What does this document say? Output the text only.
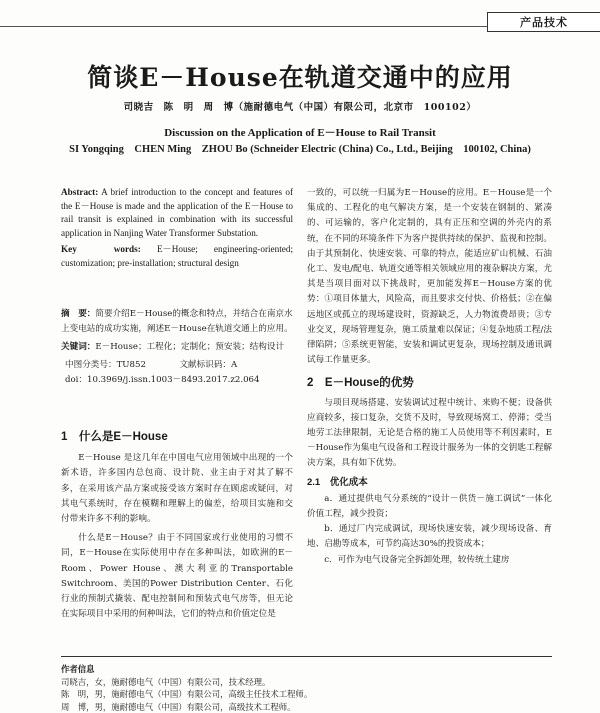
产品技术
简谈E－House在轨道交通中的应用
司晓吉　陈　明　周　博（施耐德电气（中国）有限公司，北京市　100102）
Discussion on the Application of E－House to Rail Transit
SI Yongqing　CHEN Ming　ZHOU Bo (Schneider Electric (China) Co., Ltd., Beijing　100102, China)
Abstract: A brief introduction to the concept and features of the E－House is made and the application of the E－House to rail transit is explained in combination with its successful application in Nanjing Water Transformer Substation.
Key　words: E－House; engineering-oriented; customization; pre-installation; structural design
摘　要：简要介绍E－House的概念和特点，并结合在南京水上变电站的成功实施，阐述E－House在轨道交通上的应用。
关键词：E－House；工程化；定制化；预安装；结构设计
中图分类号：TU852	文献标识码：A
doi：10.3969/j.issn.1003－8493.2017.z2.064
1　什么是E－House

E－House 是这几年在中国电气应用领域中出现的一个新术语，许多国内总包商、设计院、业主由于对其了解不多，在采用该产品方案或接受该方案时存在顾虑或疑问，对其电气系统时，存在模糊和理解上的偏差，给项目实施和交付带来许多不利的影响。

什么是E－House？由于不同国家或行业使用的习惯不同，E－House在实际使用中存在多种叫法，如欧洲的E－Room、Power House、澳大利亚的Transportable Switchroom、美国的Power Distribution Center、石化行业的预制式撬装、配电控制间和预装式电气房等，但无论在实际项目中采用的何种叫法，它们的特点和价值定位是

一致的，可以统一归属为E－House的应用。E－House是一个集成的、工程化的电气解决方案，是一个安装在钢制的、紧凑的、可运输的，客户化定制的，具有正压和空调的外壳内的系统，在不同的环境条件下为客户提供持续的保护、监视和控制。由于其预制化、快速安装、可靠的特点，能适应矿山机械、石油化工、发电/配电、轨道交通等相关领域应用的複杂解决方案，尤其是当项目面对以下挑战时，更加能发挥E－House方案的优势：①项目体量大，风险高，而且要求交付快、价格低；②在偏远地区或孤立的现场建设时，资源缺乏，人力物流费昂贵；③专业交叉，现场管理复杂，施工质量难以保证；④复杂地质工程/法律陷阱；⑤系统更智能，安装和调试更复杂，现场控制及通讯调试每工作量更多。

2　E－House的优势

与项目现场搭建、安装调试过程中统计、来购不便；设备供应商较多，接口复杂，交货不及时，导致现场窝工、停滞；受当地劳工法律限制，无论是合格的施工人员使用等不利因素时，E－House作为集电气设备和工程设计服务为一体的交钥匙工程解决方案，具有如下优势。

2.1　优化成本

a．通过提供电气分系统的“设计－供货－施工调试”一体化价值工程，减少投资；

b．通过厂内完成调试，现场快速安装，减少现场设备、育地、启勘等成本，可节约高达30%的投资成本；

c．可作为电气设备完全拆卸处理，较传统土建房

作者信息
司晓吉，女，施耐德电气（中国）有限公司，技术经理。
陈　明，男，施耐德电气（中国）有限公司，高级主任技术工程师。
周　博，男，施耐德电气（中国）有限公司，高级技术工程师。
